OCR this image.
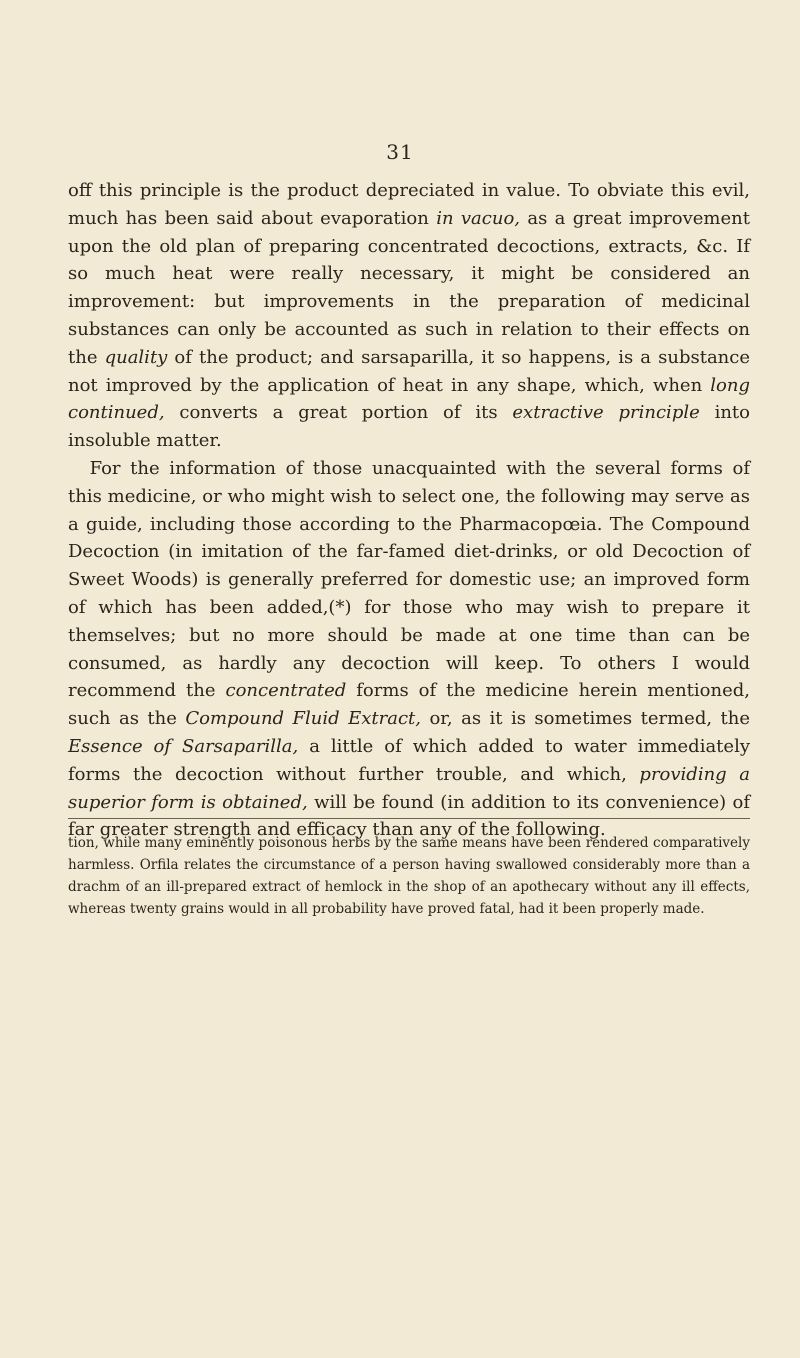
31

off this principle is the product depreciated in value. To obviate this evil, much has been said about evaporation in vacuo, as a great improvement upon the old plan of preparing concentrated decoctions, extracts, &c. If so much heat were really necessary, it might be considered an improvement: but improvements in the preparation of medicinal substances can only be accounted as such in relation to their effects on the quality of the product; and sarsaparilla, it so happens, is a substance not improved by the application of heat in any shape, which, when long continued, converts a great portion of its extractive principle into insoluble matter.

For the information of those unacquainted with the several forms of this medicine, or who might wish to select one, the following may serve as a guide, including those according to the Pharmacopœia. The Compound Decoction (in imitation of the far-famed diet-drinks, or old Decoction of Sweet Woods) is generally preferred for domestic use; an improved form of which has been added,(*) for those who may wish to prepare it themselves; but no more should be made at one time than can be consumed, as hardly any decoction will keep. To others I would recommend the concentrated forms of the medicine herein mentioned, such as the Compound Fluid Extract, or, as it is sometimes termed, the Essence of Sarsaparilla, a little of which added to water immediately forms the decoction without further trouble, and which, providing a superior form is obtained, will be found (in addition to its convenience) of far greater strength and efficacy than any of the following.

tion, while many eminently poisonous herbs by the same means have been rendered comparatively harmless. Orfila relates the circumstance of a person having swallowed considerably more than a drachm of an ill-prepared extract of hemlock in the shop of an apothecary without any ill effects, whereas twenty grains would in all probability have proved fatal, had it been properly made.
